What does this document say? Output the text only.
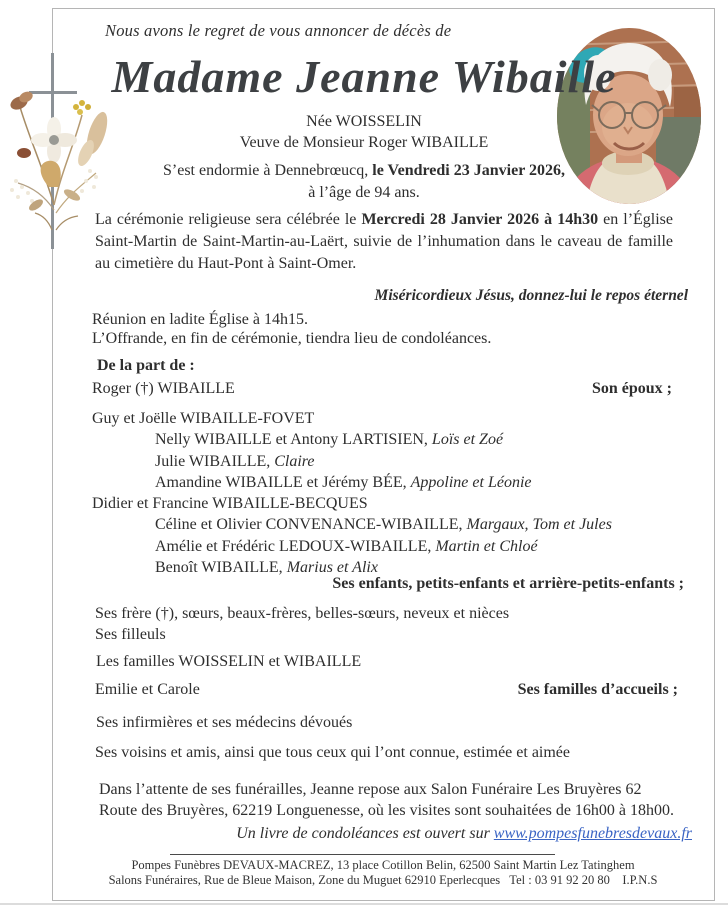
Nous avons le regret de vous annoncer de décès de
Madame Jeanne Wibaille
Née WOISSELIN
Veuve de Monsieur Roger WIBAILLE
S’est endormie à Dennebrœucq, le Vendredi 23 Janvier 2026,
à l’âge de 94 ans.
La cérémonie religieuse sera célébrée le Mercredi 28 Janvier 2026 à 14h30 en l’Église Saint-Martin de Saint-Martin-au-Laërt, suivie de l’inhumation dans le caveau de famille au cimetière du Haut-Pont à Saint-Omer.
Miséricordieux Jésus, donnez-lui le repos éternel
Réunion en ladite Église à 14h15.
L’Offrande, en fin de cérémonie, tiendra lieu de condoléances.
De la part de :
Roger (†) WIBAILLE	Son époux ;
Guy et Joëlle WIBAILLE-FOVET
Nelly WIBAILLE et Antony LARTISIEN, Loïs et Zoé
Julie WIBAILLE, Claire
Amandine WIBAILLE et Jérémy BÉE, Appoline et Léonie
Didier et Francine WIBAILLE-BECQUES
Céline et Olivier CONVENANCE-WIBAILLE, Margaux, Tom et Jules
Amélie et Frédéric LEDOUX-WIBAILLE, Martin et Chloé
Benoît WIBAILLE, Marius et Alix
Ses enfants, petits-enfants et arrière-petits-enfants ;
Ses frère (†), sœurs, beaux-frères, belles-sœurs, neveux et nièces
Ses filleuls
Les familles WOISSELIN et WIBAILLE
Emilie et Carole	Ses familles d’accueils ;
Ses infirmières et ses médecins dévoués
Ses voisins et amis, ainsi que tous ceux qui l’ont connue, estimée et aimée
Dans l’attente de ses funérailles, Jeanne repose aux Salon Funéraire Les Bruyères 62
Route des Bruyères, 62219 Longuenesse, où les visites sont souhaitées de 16h00 à 18h00.
Un livre de condoléances est ouvert sur www.pompesfunebresdevaux.fr
Pompes Funèbres DEVAUX-MACREZ, 13 place Cotillon Belin, 62500 Saint Martin Lez Tatinghem
Salons Funéraires, Rue de Bleue Maison, Zone du Muguet 62910 Eperlecques   Tel : 03 91 92 20 80    I.P.N.S
